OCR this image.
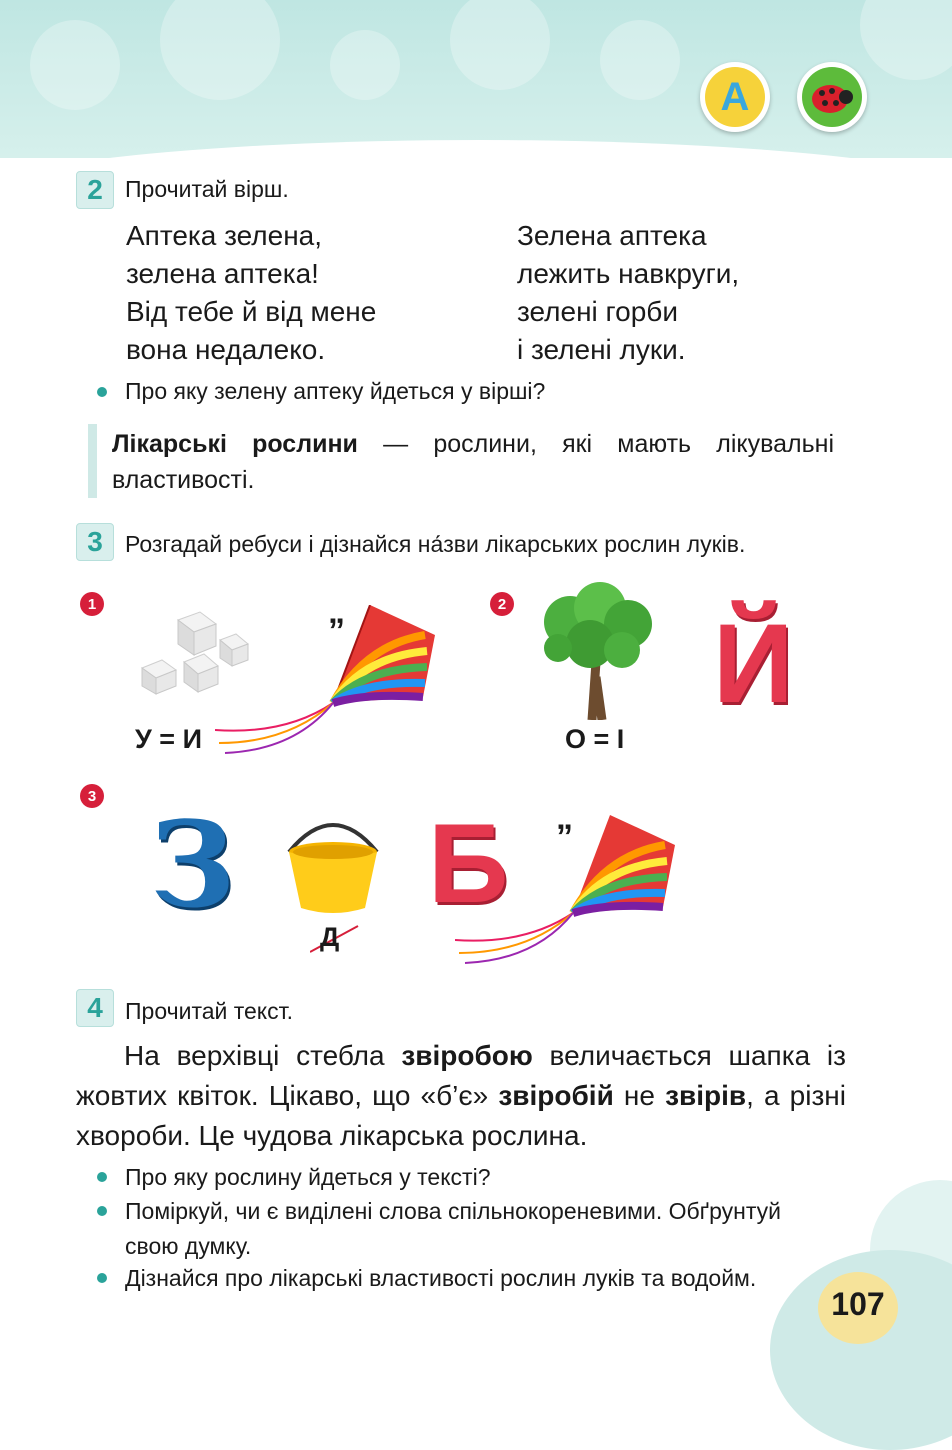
A
2 Прочитай вірш.
Аптека зелена,
зелена аптека!
Від тебе й від мене
вона недалеко.
Зелена аптека
лежить навкруги,
зелені горби
і зелені луки.
Про яку зелену аптеку йдеться у вірші?
Лікарські рослини — рослини, які мають лікувальні властивості.
3 Розгадай ребуси і дізнайся на́зви лікарських рослин луків.
1
”
У = И
2 Й
О = І
3 З
Д
Б ”
4 Прочитай текст.
На верхівці стебла звіробою величається шапка із жовтих квіток. Цікаво, що «б’є» звіробій не звірів, а різні хвороби. Це чудова лікарська рослина.
Про яку рослину йдеться у тексті?
Поміркуй, чи є виділені слова спільнокореневими. Обґрунтуй
свою думку.
Дізнайся про лікарські властивості рослин луків та водойм.
107
